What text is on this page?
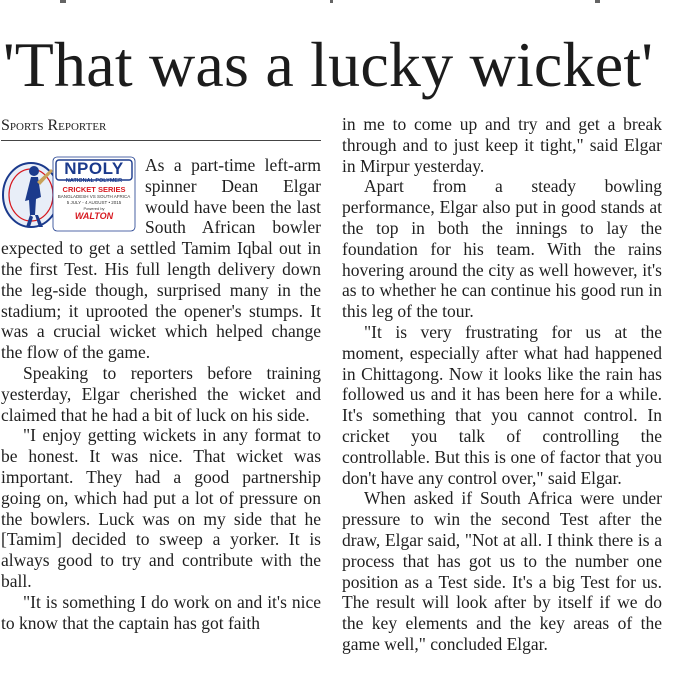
'That was a lucky wicket'
Sports Reporter
NPOLY
NATIONAL POLYMER
CRICKET SERIES
BANGLADESH VS SOUTH AFRICA
5 JULY - 4 AUGUST • 2015
Powered by
WALTON

As a part-time left-arm spinner Dean Elgar would have been the last South African bowler expected to get a settled Tamim Iqbal out in the first Test. His full length delivery down the leg-side though, surprised many in the stadium; it uprooted the opener's stumps. It was a crucial wicket which helped change the flow of the game.

Speaking to reporters before training yesterday, Elgar cherished the wicket and claimed that he had a bit of luck on his side.

"I enjoy getting wickets in any format to be honest. It was nice. That wicket was important. They had a good partnership going on, which had put a lot of pressure on the bowlers. Luck was on my side that he [Tamim] decided to sweep a yorker. It is always good to try and contribute with the ball.

"It is something I do work on and it's nice to know that the captain has got faith

in me to come up and try and get a break through and to just keep it tight," said Elgar in Mirpur yesterday.

Apart from a steady bowling performance, Elgar also put in good stands at the top in both the innings to lay the foundation for his team. With the rains hovering around the city as well however, it's as to whether he can continue his good run in this leg of the tour.

"It is very frustrating for us at the moment, especially after what had happened in Chittagong. Now it looks like the rain has followed us and it has been here for a while. It's something that you cannot control. In cricket you talk of controlling the controllable. But this is one of factor that you don't have any control over," said Elgar.

When asked if South Africa were under pressure to win the second Test after the draw, Elgar said, "Not at all. I think there is a process that has got us to the number one position as a Test side. It's a big Test for us. The result will look after by itself if we do the key elements and the key areas of the game well," concluded Elgar.
